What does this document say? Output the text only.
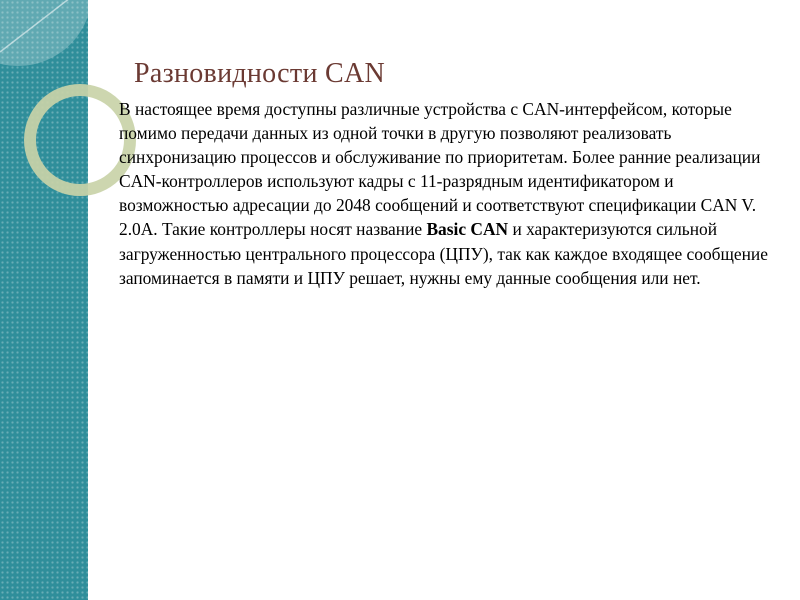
Разновидности CAN

В настоящее время доступны различные устройства с CAN-интерфейсом, которые помимо передачи данных из одной точки в другую позволяют реализовать синхронизацию процессов и обслуживание по приоритетам. Более ранние реализации CAN-контроллеров используют кадры с 11-разрядным идентификатором и возможностью адресации до 2048 сообщений и соответствуют спецификации CAN V. 2.0A. Такие контроллеры носят название Basic CAN и характеризуются сильной загруженностью центрального процессора (ЦПУ), так как каждое входящее сообщение запоминается в памяти и ЦПУ решает, нужны ему данные сообщения или нет.
